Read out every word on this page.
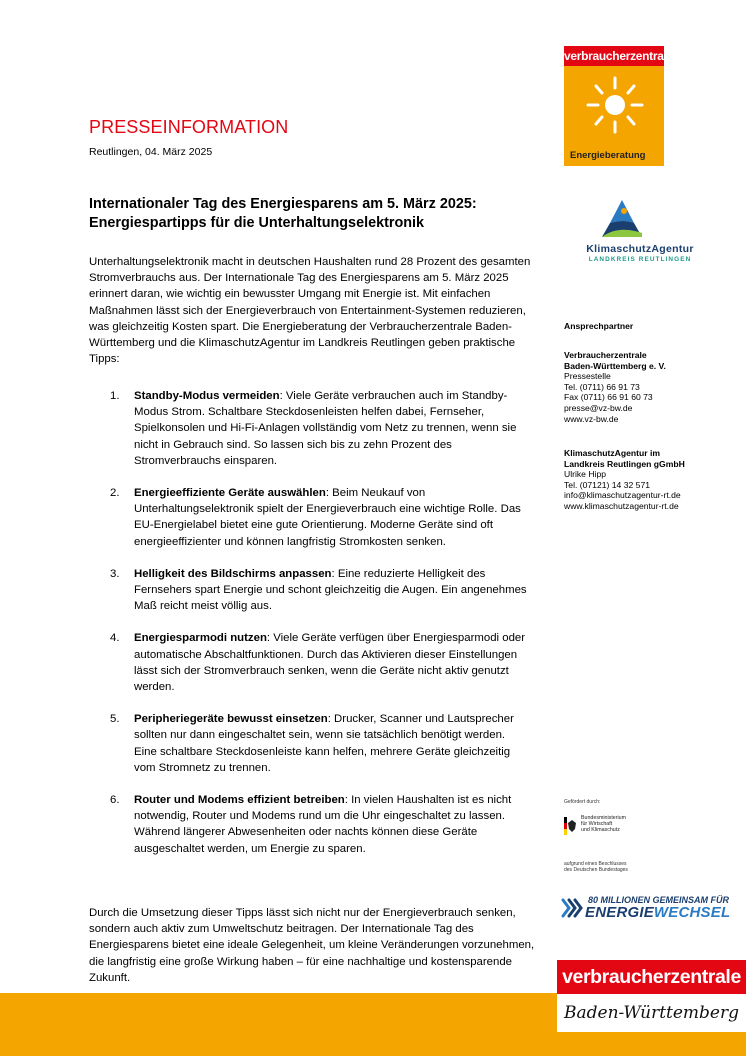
PRESSEINFORMATION
Reutlingen, 04. März 2025
Internationaler Tag des Energiesparens am 5. März 2025: Energiespartipps für die Unterhaltungselektronik
Unterhaltungselektronik macht in deutschen Haushalten rund 28 Prozent des gesamten Stromverbrauchs aus. Der Internationale Tag des Energiesparens am 5. März 2025 erinnert daran, wie wichtig ein bewusster Umgang mit Energie ist. Mit einfachen Maßnahmen lässt sich der Energieverbrauch von Entertainment-Systemen reduzieren, was gleichzeitig Kosten spart. Die Energieberatung der Verbraucherzentrale Baden-Württemberg und die KlimaschutzAgentur im Landkreis Reutlingen geben praktische Tipps:
1. Standby-Modus vermeiden: Viele Geräte verbrauchen auch im Standby-Modus Strom. Schaltbare Steckdosenleisten helfen dabei, Fernseher, Spielkonsolen und Hi-Fi-Anlagen vollständig vom Netz zu trennen, wenn sie nicht in Gebrauch sind. So lassen sich bis zu zehn Prozent des Stromverbrauchs einsparen.
2. Energieeffiziente Geräte auswählen: Beim Neukauf von Unterhaltungselektronik spielt der Energieverbrauch eine wichtige Rolle. Das EU-Energielabel bietet eine gute Orientierung. Moderne Geräte sind oft energieeffizienter und können langfristig Stromkosten senken.
3. Helligkeit des Bildschirms anpassen: Eine reduzierte Helligkeit des Fernsehers spart Energie und schont gleichzeitig die Augen. Ein angenehmes Maß reicht meist völlig aus.
4. Energiesparmodi nutzen: Viele Geräte verfügen über Energiesparmodi oder automatische Abschaltfunktionen. Durch das Aktivieren dieser Einstellungen lässt sich der Stromverbrauch senken, wenn die Geräte nicht aktiv genutzt werden.
5. Peripheriegeräte bewusst einsetzen: Drucker, Scanner und Lautsprecher sollten nur dann eingeschaltet sein, wenn sie tatsächlich benötigt werden. Eine schaltbare Steckdosenleiste kann helfen, mehrere Geräte gleichzeitig vom Stromnetz zu trennen.
6. Router und Modems effizient betreiben: In vielen Haushalten ist es nicht notwendig, Router und Modems rund um die Uhr eingeschaltet zu lassen. Während längerer Abwesenheiten oder nachts können diese Geräte ausgeschaltet werden, um Energie zu sparen.
Durch die Umsetzung dieser Tipps lässt sich nicht nur der Energieverbrauch senken, sondern auch aktiv zum Umweltschutz beitragen. Der Internationale Tag des Energiesparens bietet eine ideale Gelegenheit, um kleine Veränderungen vorzunehmen, die langfristig eine große Wirkung haben – für eine nachhaltige und kostensparende Zukunft.
verbraucherzentrale
Energieberatung
KlimaschutzAgentur
LANDKREIS REUTLINGEN
Ansprechpartner
Verbraucherzentrale
Baden-Württemberg e. V.
Pressestelle
Tel. (0711) 66 91 73
Fax (0711) 66 91 60 73
presse@vz-bw.de
www.vz-bw.de
KlimaschutzAgentur im
Landkreis Reutlingen gGmbH
Ulrike Hipp
Tel. (07121) 14 32 571
info@klimaschutzagentur-rt.de
www.klimaschutzagentur-rt.de
Gefördert durch:
Bundesministerium
für Wirtschaft
und Klimaschutz
aufgrund eines Beschlusses
des Deutschen Bundestages
80 MILLIONEN GEMEINSAM FÜR
ENERGIEWECHSEL
verbraucherzentrale
Baden-Württemberg
